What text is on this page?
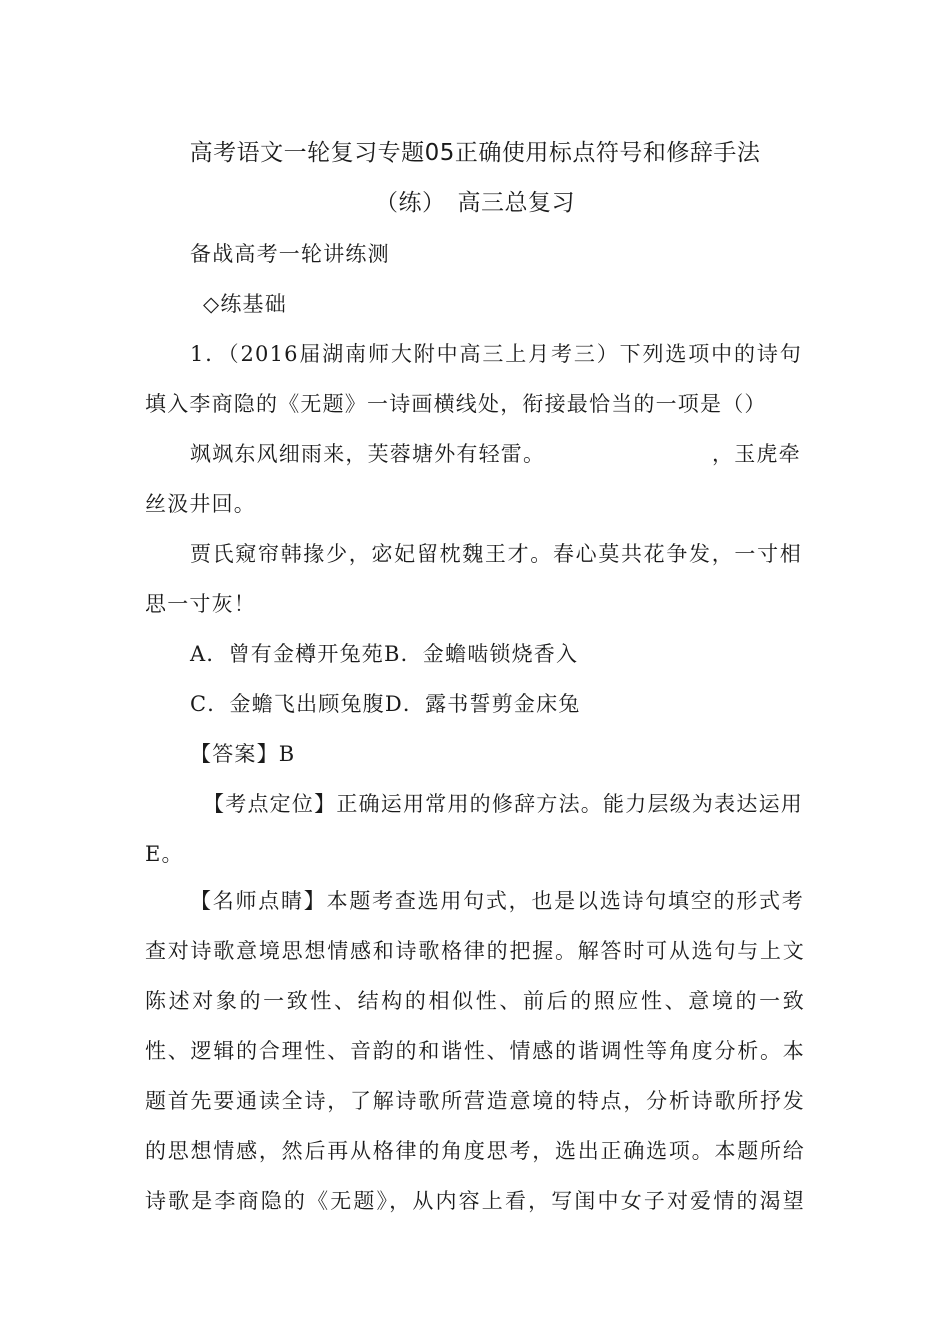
高考语文一轮复习专题05正确使用标点符号和修辞手法
（练）　高三总复习

备战高考一轮讲练测

◇练基础

1．（2016届湖南师大附中高三上月考三）下列选项中的诗句

填入李商隐的《无题》一诗画横线处，衔接最恰当的一项是（）

飒飒东风细雨来，芙蓉塘外有轻雷。	，玉虎牵

丝汲井回。

贾氏窥帘韩掾少，宓妃留枕魏王才。春心莫共花争发，一寸相

思一寸灰！

A．曾有金樽开兔苑B．金蟾啮锁烧香入

C．金蟾飞出顾兔腹D．露书誓剪金床兔

【答案】B

【考点定位】正确运用常用的修辞方法。能力层级为表达运用

E。

【名师点睛】本题考查选用句式，也是以选诗句填空的形式考

查对诗歌意境思想情感和诗歌格律的把握。解答时可从选句与上文

陈述对象的一致性、结构的相似性、前后的照应性、意境的一致

性、逻辑的合理性、音韵的和谐性、情感的谐调性等角度分析。本

题首先要通读全诗，了解诗歌所营造意境的特点，分析诗歌所抒发

的思想情感，然后再从格律的角度思考，选出正确选项。本题所给

诗歌是李商隐的《无题》，从内容上看，写闺中女子对爱情的渴望
